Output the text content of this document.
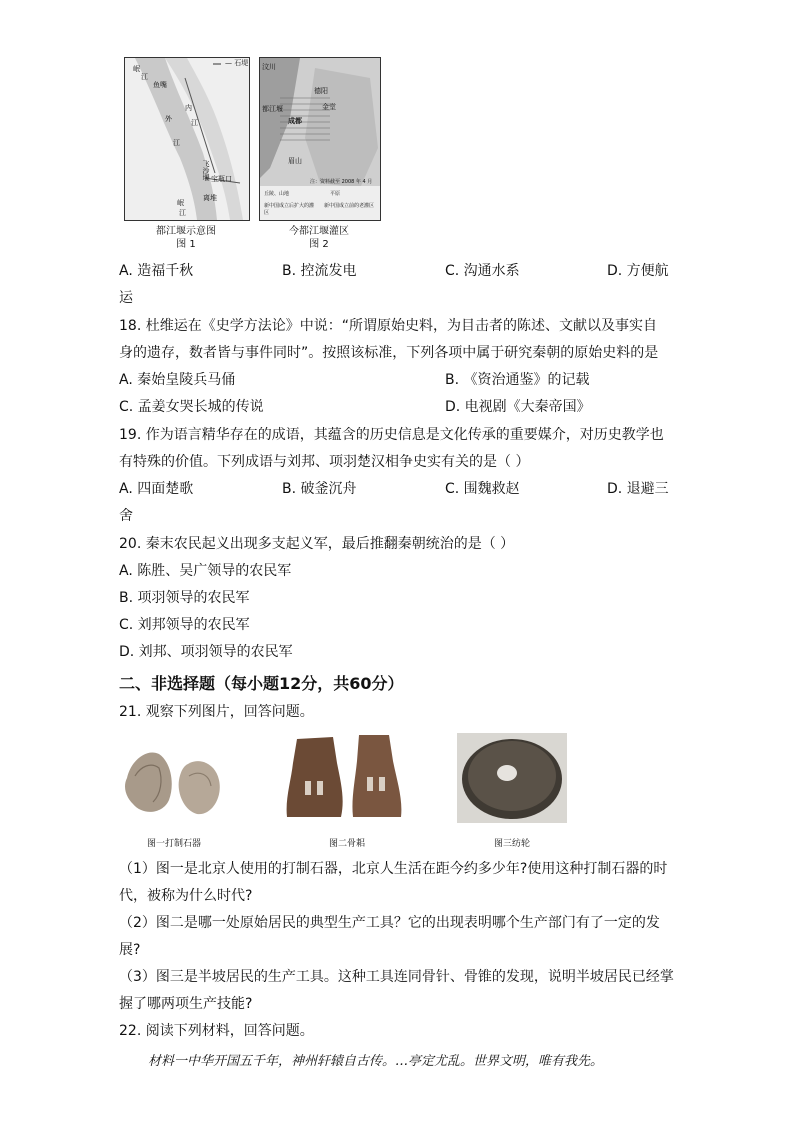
— 石堤
岷
江
鱼嘴
内
外	江
江
飞沙堰 宝瓶口
离堆
岷
江
都江堰示意图
图 1
汶川
德阳
都江堰
成都
眉山
金堂
注：资料截至 2008 年 4 月
丘陵、山地	平原
新中国成立后扩大的灌区
新中国成立前的老灌区
今都江堰灌区
图 2
A. 造福千秋	B. 控流发电	C. 沟通水系	D. 方便航
运
18. 杜维运在《史学方法论》中说：“所谓原始史料，为目击者的陈述、文献以及事实自
身的遗存，数者皆与事件同时”。按照该标准，下列各项中属于研究秦朝的原始史料的是
A. 秦始皇陵兵马俑	B. 《资治通鉴》的记载
C. 孟姜女哭长城的传说	D. 电视剧《大秦帝国》
19. 作为语言精华存在的成语，其蕴含的历史信息是文化传承的重要媒介，对历史教学也
有特殊的价值。下列成语与刘邦、项羽楚汉相争史实有关的是（ ）
A. 四面楚歌	B. 破釜沉舟	C. 围魏救赵	D. 退避三
舍
20. 秦末农民起义出现多支起义军，最后推翻秦朝统治的是（ ）
A. 陈胜、吴广领导的农民军
B. 项羽领导的农民军
C. 刘邦领导的农民军
D. 刘邦、项羽领导的农民军
二、非选择题（每小题12分，共60分）
21. 观察下列图片，回答问题。
图一打制石器	图二骨耜	图三纺轮
（1）图一是北京人使用的打制石器，北京人生活在距今约多少年?使用这种打制石器的时
代，被称为什么时代?
（2）图二是哪一处原始居民的典型生产工具？它的出现表明哪个生产部门有了一定的发
展?
（3）图三是半坡居民的生产工具。这种工具连同骨针、骨锥的发现，说明半坡居民已经掌
握了哪两项生产技能?
22. 阅读下列材料，回答问题。
材料一中华开国五千年，神州轩辕自古传。…亭定尤乱。世界文明，唯有我先。
